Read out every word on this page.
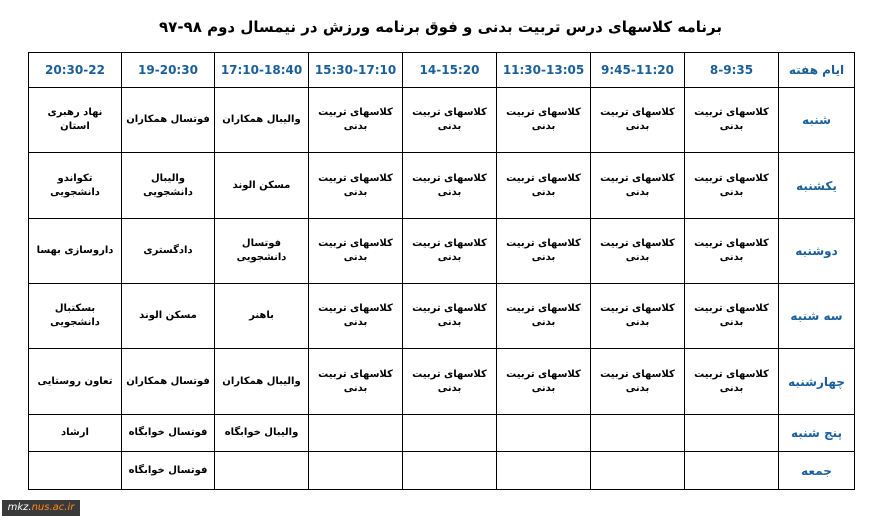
برنامه کلاسهای درس تربیت بدنی و فوق برنامه ورزش در نیمسال دوم ۹۸-۹۷
ایام هفته	8-9:35	9:45-11:20	11:30-13:05	14-15:20	15:30-17:10	17:10-18:40	19-20:30	20:30-22
شنبه	کلاسهای تربیت بدنی	کلاسهای تربیت بدنی	کلاسهای تربیت بدنی	کلاسهای تربیت بدنی	کلاسهای تربیت بدنی	والیبال همکاران	فوتسال همکاران	نهاد رهبری استان
یکشنبه	کلاسهای تربیت بدنی	کلاسهای تربیت بدنی	کلاسهای تربیت بدنی	کلاسهای تربیت بدنی	کلاسهای تربیت بدنی	مسکن الوند	والیبال دانشجویی	تکواندو دانشجویی
دوشنبه	کلاسهای تربیت بدنی	کلاسهای تربیت بدنی	کلاسهای تربیت بدنی	کلاسهای تربیت بدنی	کلاسهای تربیت بدنی	فوتسال دانشجویی	دادگستری	داروسازی بهسا
سه شنبه	کلاسهای تربیت بدنی	کلاسهای تربیت بدنی	کلاسهای تربیت بدنی	کلاسهای تربیت بدنی	کلاسهای تربیت بدنی	باهنر	مسکن الوند	بسکتبال دانشجویی
چهارشنبه	کلاسهای تربیت بدنی	کلاسهای تربیت بدنی	کلاسهای تربیت بدنی	کلاسهای تربیت بدنی	کلاسهای تربیت بدنی	والیبال همکاران	فوتسال همکاران	تعاون روستایی
پنج شنبه						والیبال خوابگاه	فوتسال خوابگاه	ارشاد
جمعه							فوتسال خوابگاه	
mkz.nus.ac.ir
